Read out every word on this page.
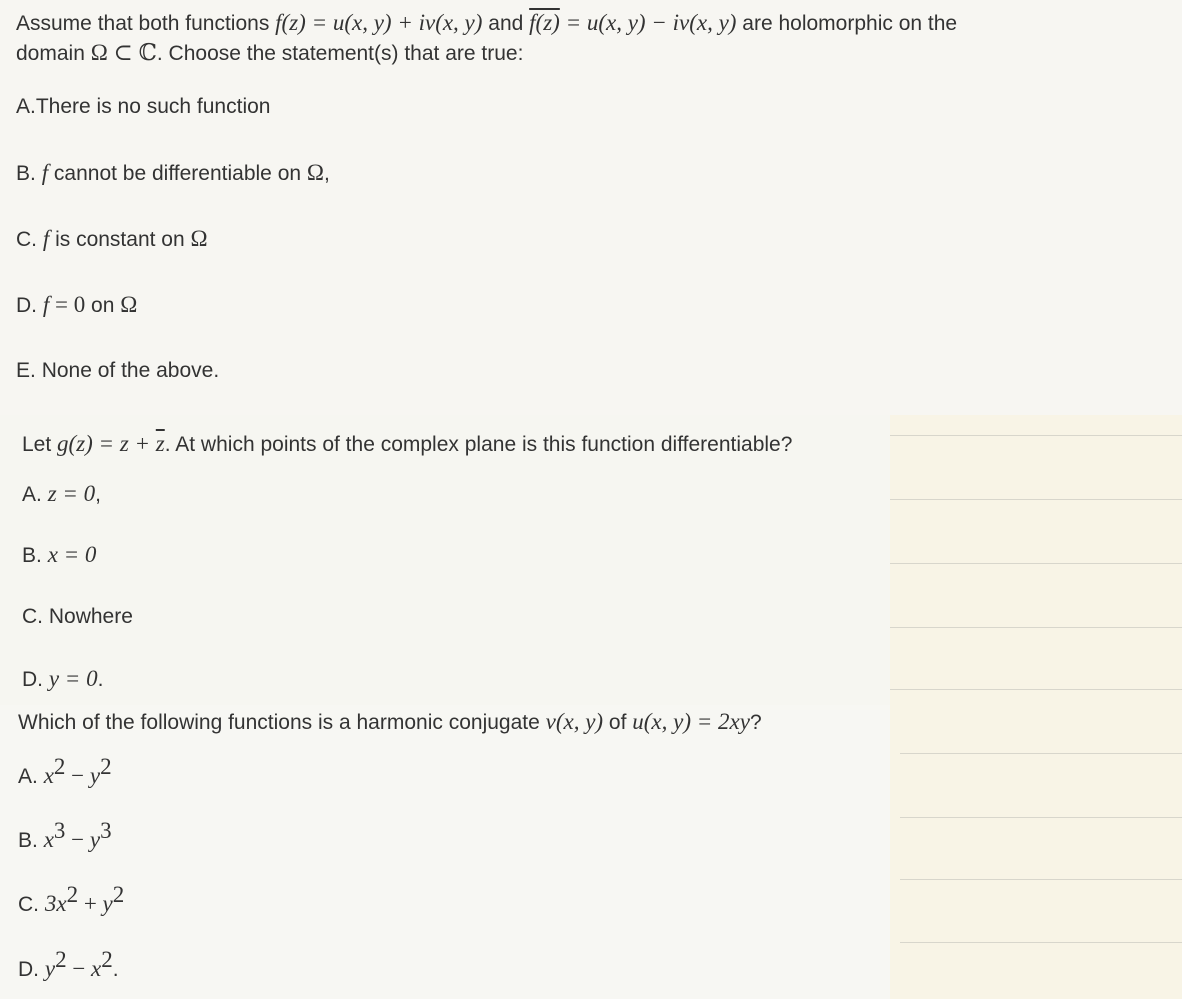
Assume that both functions f(z) = u(x, y) + iv(x, y) and f(z) = u(x, y) − iv(x, y) are holomorphic on the
domain Ω ⊂ ℂ. Choose the statement(s) that are true:
A.There is no such function
B. f cannot be differentiable on Ω,
C. f is constant on Ω
D. f = 0 on Ω
E. None of the above.
Let $g(z) = z + \overline{z}$. At which points of the complex plane is this function differentiable?
A. z = 0,
B. x = 0
C. Nowhere
D. y = 0.
Which of the following functions is a harmonic conjugate v(x, y) of u(x, y) = 2xy?
A. $x^2 - y^2$
B. $x^3 - y^3$
C. $3x^2 + y^2$
D. $y^2 - x^2$.
